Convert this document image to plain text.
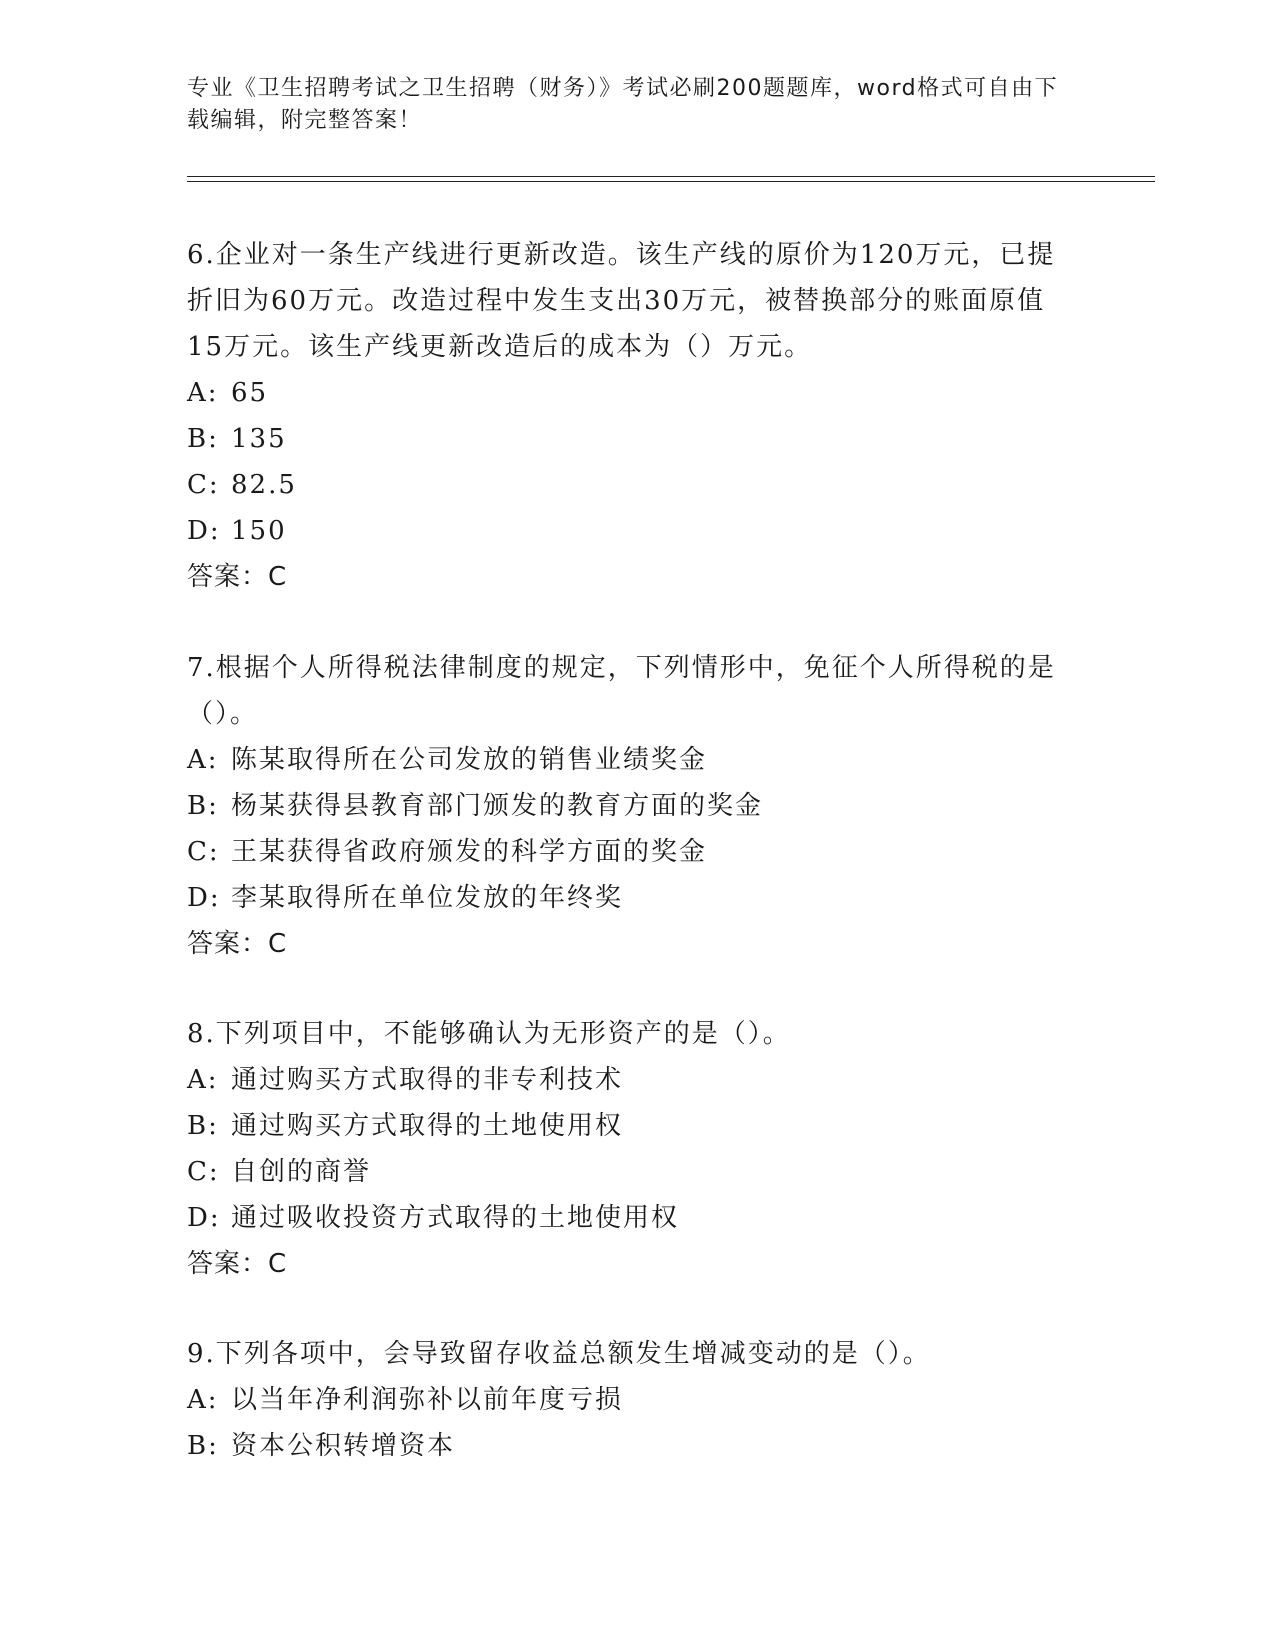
专业《卫生招聘考试之卫生招聘（财务）》考试必刷200题题库，word格式可自由下载编辑，附完整答案！

6.企业对一条生产线进行更新改造。该生产线的原价为120万元，已提折旧为60万元。改造过程中发生支出30万元，被替换部分的账面原值15万元。该生产线更新改造后的成本为（）万元。

A: 65

B: 135

C: 82.5

D: 150

答案：C

7.根据个人所得税法律制度的规定，下列情形中，免征个人所得税的是（）。

A: 陈某取得所在公司发放的销售业绩奖金

B: 杨某获得县教育部门颁发的教育方面的奖金

C: 王某获得省政府颁发的科学方面的奖金

D: 李某取得所在单位发放的年终奖

答案：C

8.下列项目中，不能够确认为无形资产的是（）。

A: 通过购买方式取得的非专利技术

B: 通过购买方式取得的土地使用权

C: 自创的商誉

D: 通过吸收投资方式取得的土地使用权

答案：C

9.下列各项中，会导致留存收益总额发生增减变动的是（）。

A: 以当年净利润弥补以前年度亏损

B: 资本公积转增资本
